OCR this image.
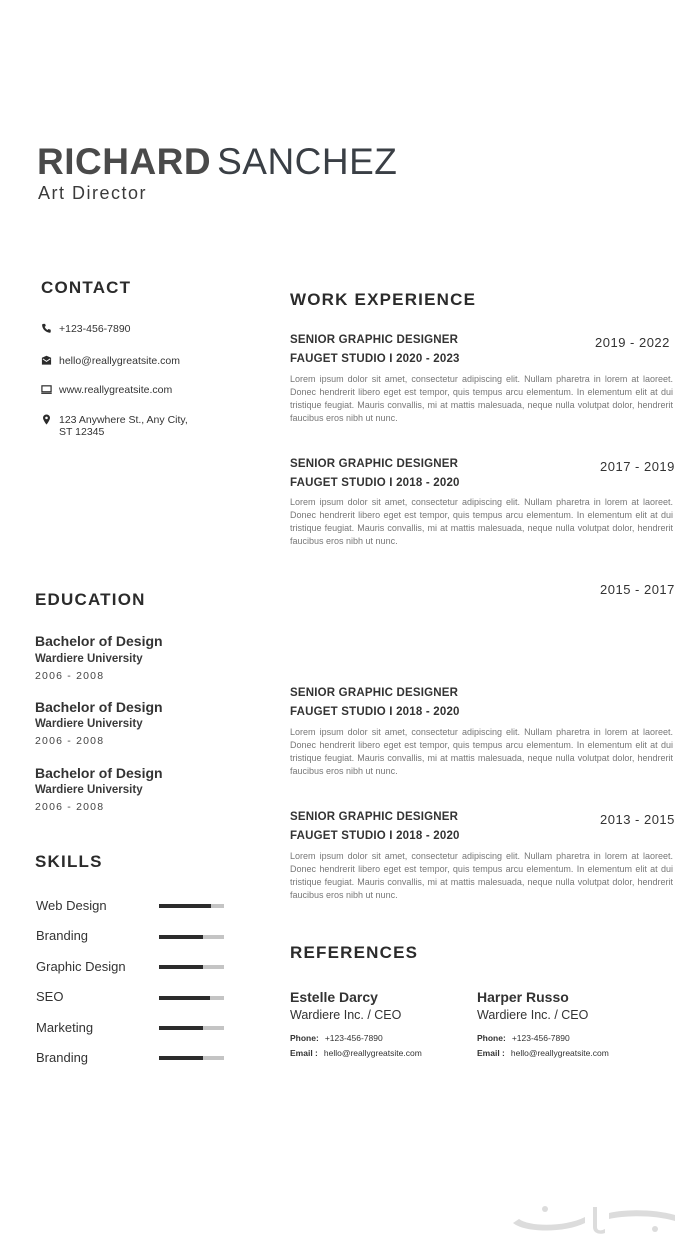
RICHARD SANCHEZ
Art Director
CONTACT
+123-456-7890
hello@reallygreatsite.com
www.reallygreatsite.com
123 Anywhere St., Any City,
ST 12345
EDUCATION
Bachelor of Design
Wardiere University
2006 - 2008
Bachelor of Design
Wardiere University
2006 - 2008
Bachelor of Design
Wardiere University
2006 - 2008
SKILLS
Web Design
Branding
Graphic Design
SEO
Marketing
Branding
WORK EXPERIENCE
SENIOR GRAPHIC DESIGNER
FAUGET STUDIO I 2020 - 2023
2019 - 2022
Lorem ipsum dolor sit amet, consectetur adipiscing elit. Nullam pharetra in lorem at laoreet. Donec hendrerit libero eget est tempor, quis tempus arcu elementum. In elementum elit at dui tristique feugiat. Mauris convallis, mi at mattis malesuada, neque nulla volutpat dolor, hendrerit faucibus eros nibh ut nunc.
SENIOR GRAPHIC DESIGNER
FAUGET STUDIO I 2018 - 2020
2017 - 2019
Lorem ipsum dolor sit amet, consectetur adipiscing elit. Nullam pharetra in lorem at laoreet. Donec hendrerit libero eget est tempor, quis tempus arcu elementum. In elementum elit at dui tristique feugiat. Mauris convallis, mi at mattis malesuada, neque nulla volutpat dolor, hendrerit faucibus eros nibh ut nunc.
2015 - 2017
SENIOR GRAPHIC DESIGNER
FAUGET STUDIO I 2018 - 2020
Lorem ipsum dolor sit amet, consectetur adipiscing elit. Nullam pharetra in lorem at laoreet. Donec hendrerit libero eget est tempor, quis tempus arcu elementum. In elementum elit at dui tristique feugiat. Mauris convallis, mi at mattis malesuada, neque nulla volutpat dolor, hendrerit faucibus eros nibh ut nunc.
SENIOR GRAPHIC DESIGNER
FAUGET STUDIO I 2018 - 2020
2013 - 2015
Lorem ipsum dolor sit amet, consectetur adipiscing elit. Nullam pharetra in lorem at laoreet. Donec hendrerit libero eget est tempor, quis tempus arcu elementum. In elementum elit at dui tristique feugiat. Mauris convallis, mi at mattis malesuada, neque nulla volutpat dolor, hendrerit faucibus eros nibh ut nunc.
REFERENCES
Estelle Darcy
Wardiere Inc. / CEO
Phone: +123-456-7890
Email : hello@reallygreatsite.com
Harper Russo
Wardiere Inc. / CEO
Phone: +123-456-7890
Email : hello@reallygreatsite.com
